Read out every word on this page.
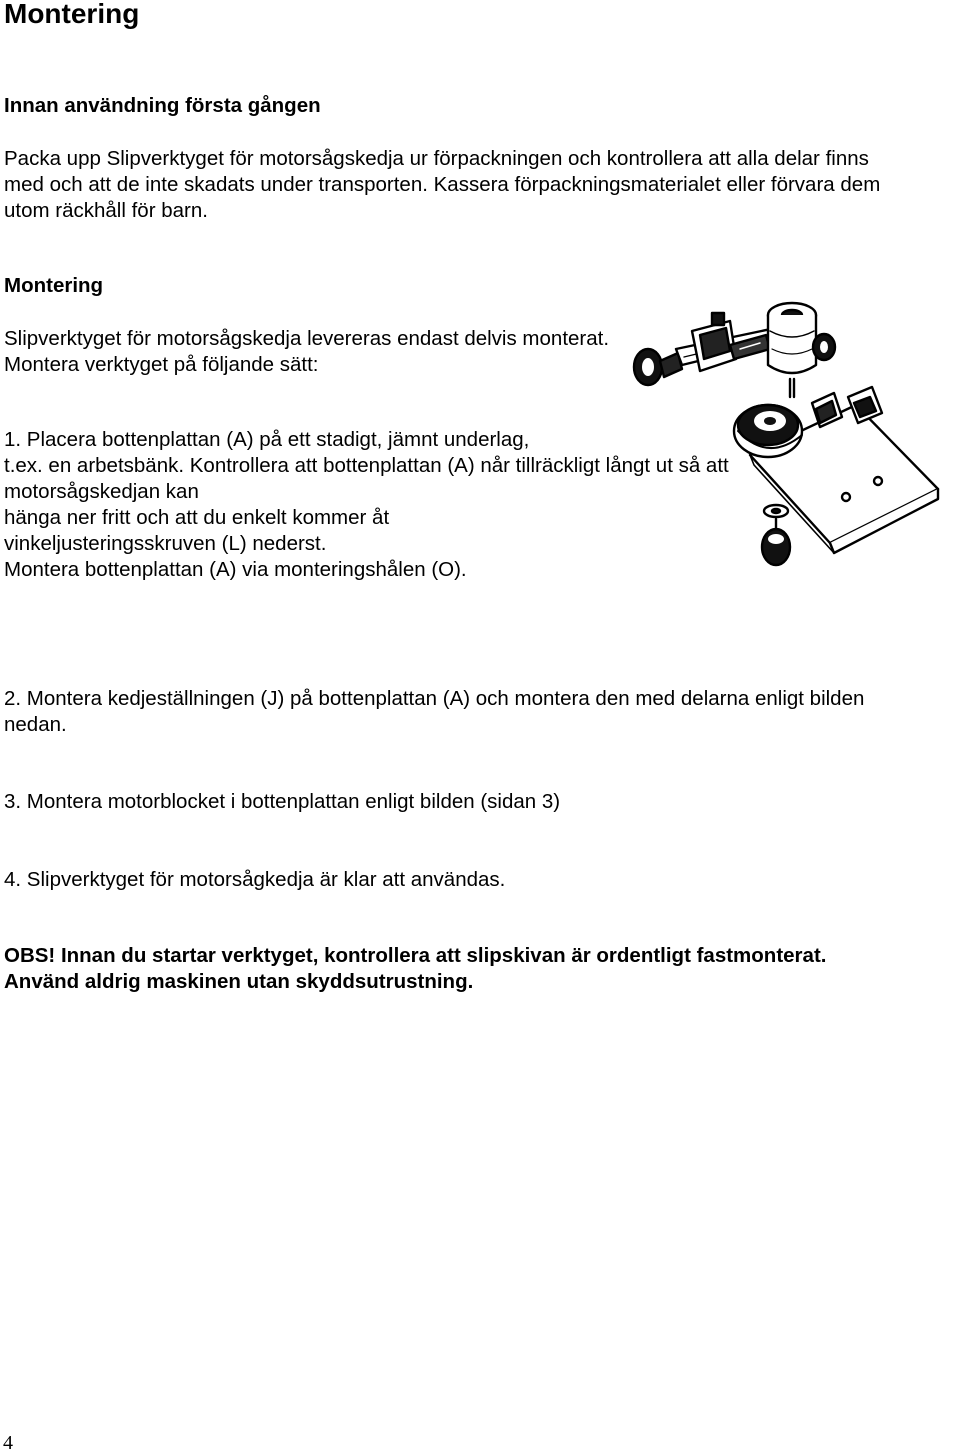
Montering
Innan användning första gången
Packa upp Slipverktyget för motorsågskedja ur förpackningen och kontrollera att alla delar finns
med och att de inte skadats under transporten. Kassera förpackningsmaterialet eller förvara dem
utom räckhåll för barn.
Montering
Slipverktyget för motorsågskedja levereras endast delvis monterat.
Montera verktyget på följande sätt:
1. Placera bottenplattan (A) på ett stadigt, jämnt underlag,
t.ex. en arbetsbänk. Kontrollera att bottenplattan (A) når tillräckligt långt ut så att
motorsågskedjan kan
hänga ner fritt och att du enkelt kommer åt
vinkeljusteringsskruven (L) nederst.
Montera bottenplattan (A) via monteringshålen (O).
2. Montera kedjeställningen (J) på bottenplattan (A) och montera den med delarna enligt bilden
nedan.
3. Montera motorblocket i bottenplattan enligt bilden (sidan 3)
4. Slipverktyget för motorsågkedja är klar att användas.
OBS! Innan du startar verktyget, kontrollera att slipskivan är ordentligt fastmonterat.
Använd aldrig maskinen utan skyddsutrustning.
4
